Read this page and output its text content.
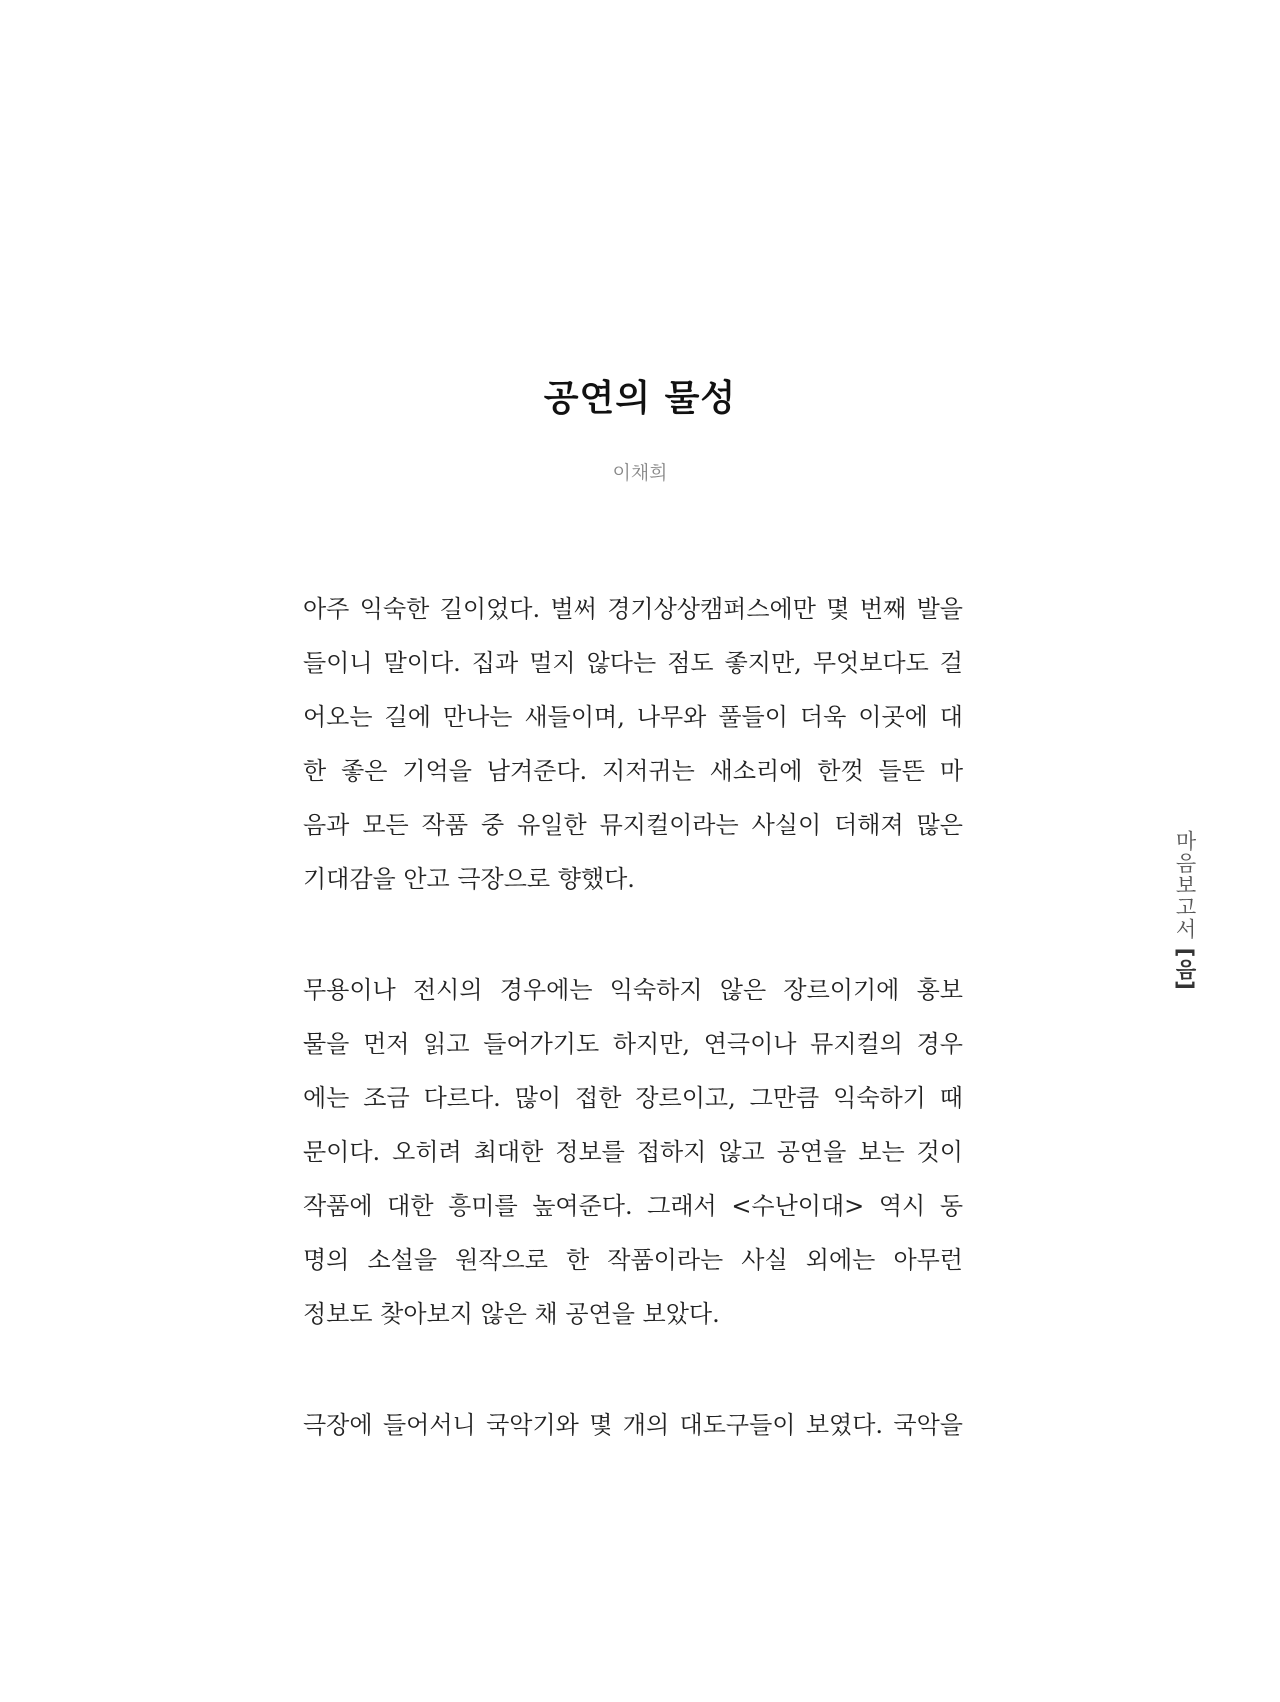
공연의 물성
이채희

아주 익숙한 길이었다. 벌써 경기상상캠퍼스에만 몇 번째 발을
들이니 말이다. 집과 멀지 않다는 점도 좋지만, 무엇보다도 걸
어오는 길에 만나는 새들이며, 나무와 풀들이 더욱 이곳에 대
한 좋은 기억을 남겨준다. 지저귀는 새소리에 한껏 들뜬 마
음과 모든 작품 중 유일한 뮤지컬이라는 사실이 더해져 많은
기대감을 안고 극장으로 향했다.

무용이나 전시의 경우에는 익숙하지 않은 장르이기에 홍보
물을 먼저 읽고 들어가기도 하지만, 연극이나 뮤지컬의 경우
에는 조금 다르다. 많이 접한 장르이고, 그만큼 익숙하기 때
문이다. 오히려 최대한 정보를 접하지 않고 공연을 보는 것이
작품에 대한 흥미를 높여준다. 그래서 <수난이대> 역시 동
명의 소설을 원작으로 한 작품이라는 사실 외에는 아무런
정보도 찾아보지 않은 채 공연을 보았다.

극장에 들어서니 국악기와 몇 개의 대도구들이 보였다. 국악을

마음보고서 [음]
